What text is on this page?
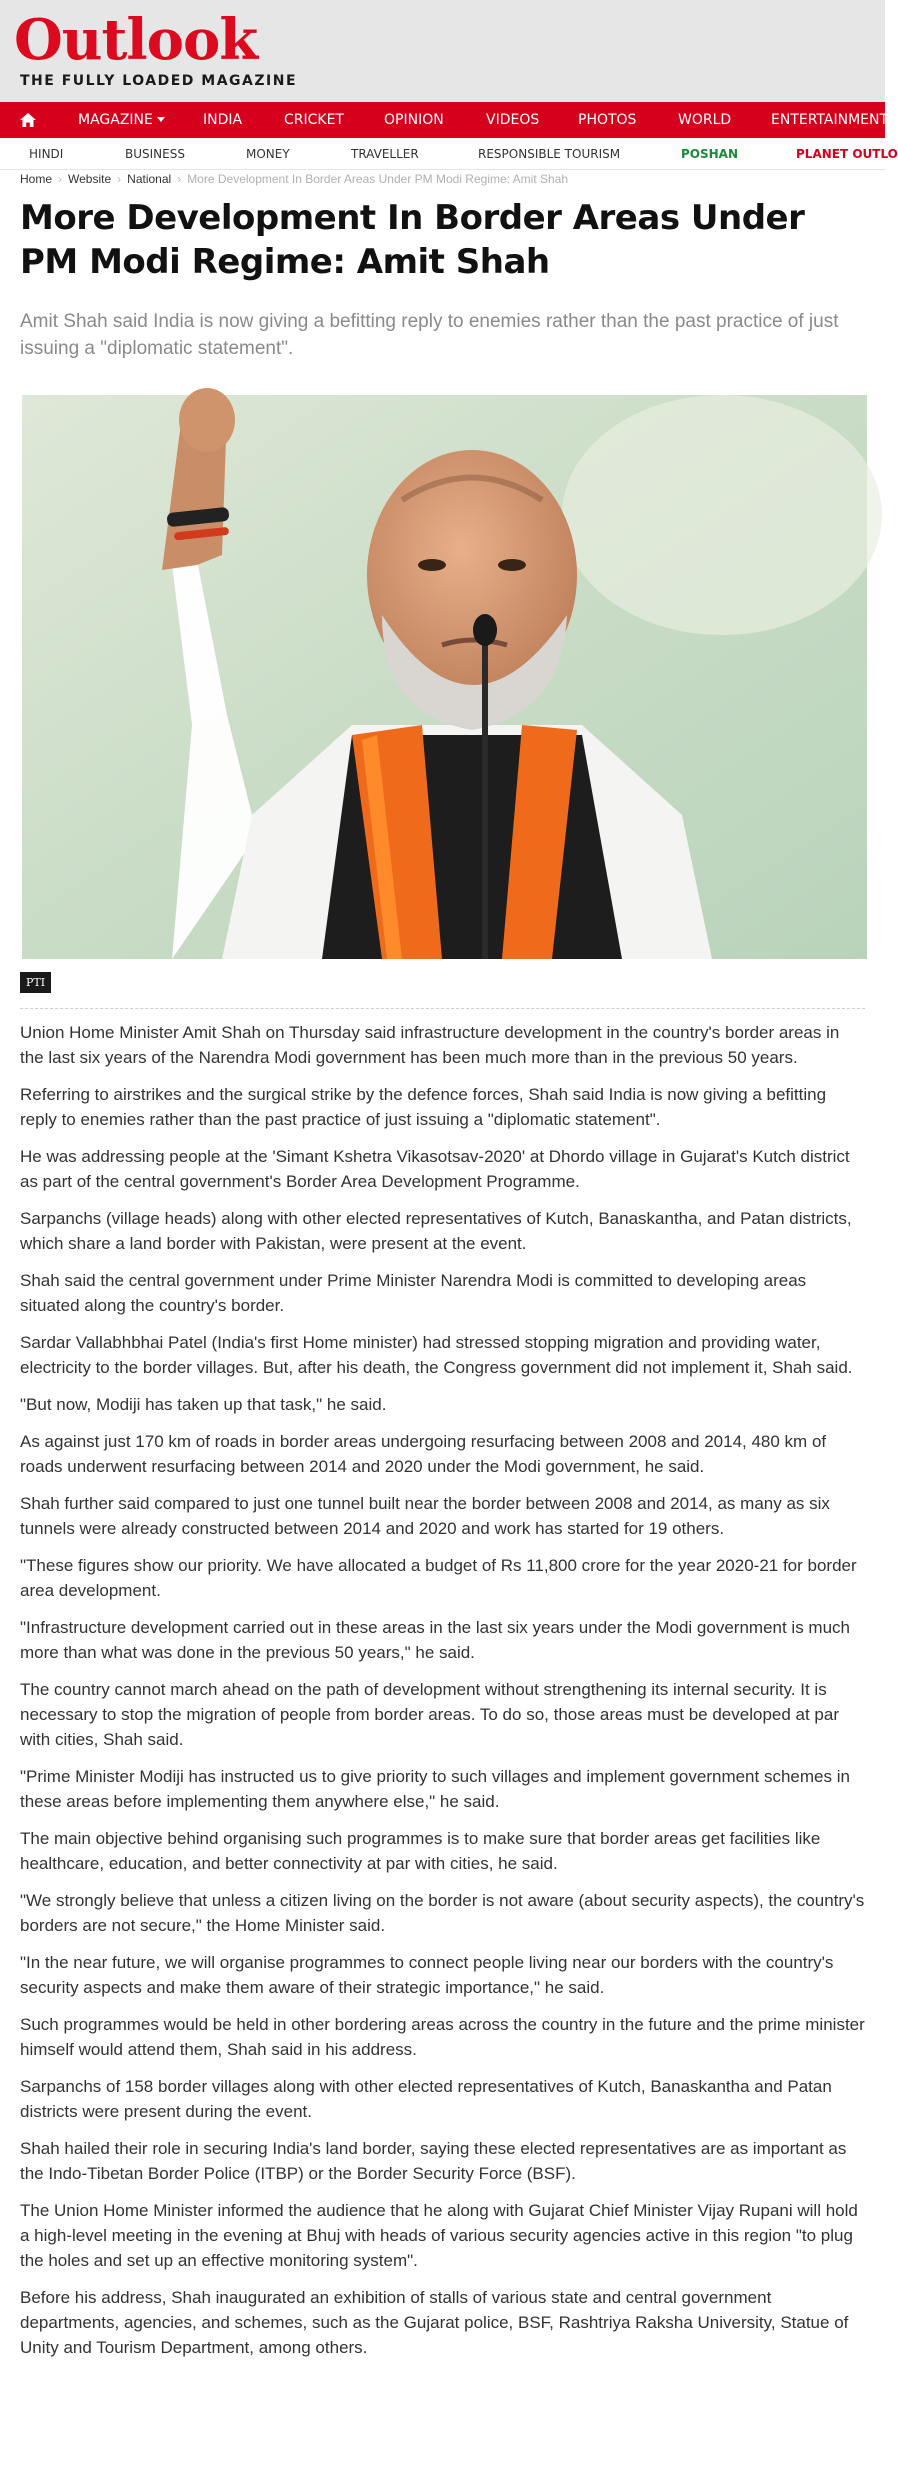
Outlook
THE FULLY LOADED MAGAZINE
MAGAZINE	INDIA	CRICKET	OPINION	VIDEOS	PHOTOS	WORLD	ENTERTAINMENT
HINDI	BUSINESS	MONEY	TRAVELLER	RESPONSIBLE TOURISM	POSHAN	PLANET OUTLO
Home › Website › National › More Development In Border Areas Under PM Modi Regime: Amit Shah
More Development In Border Areas Under PM Modi Regime: Amit Shah

Amit Shah said India is now giving a befitting reply to enemies rather than the past practice of just issuing a "diplomatic statement".

PTI

Union Home Minister Amit Shah on Thursday said infrastructure development in the country's border areas in the last six years of the Narendra Modi government has been much more than in the previous 50 years.

Referring to airstrikes and the surgical strike by the defence forces, Shah said India is now giving a befitting reply to enemies rather than the past practice of just issuing a "diplomatic statement".

He was addressing people at the 'Simant Kshetra Vikasotsav-2020' at Dhordo village in Gujarat's Kutch district as part of the central government's Border Area Development Programme.

Sarpanchs (village heads) along with other elected representatives of Kutch, Banaskantha, and Patan districts, which share a land border with Pakistan, were present at the event.

Shah said the central government under Prime Minister Narendra Modi is committed to developing areas situated along the country's border.

Sardar Vallabhbhai Patel (India's first Home minister) had stressed stopping migration and providing water, electricity to the border villages. But, after his death, the Congress government did not implement it, Shah said.

"But now, Modiji has taken up that task," he said.

As against just 170 km of roads in border areas undergoing resurfacing between 2008 and 2014, 480 km of roads underwent resurfacing between 2014 and 2020 under the Modi government, he said.

Shah further said compared to just one tunnel built near the border between 2008 and 2014, as many as six tunnels were already constructed between 2014 and 2020 and work has started for 19 others.

"These figures show our priority. We have allocated a budget of Rs 11,800 crore for the year 2020-21 for border area development.

"Infrastructure development carried out in these areas in the last six years under the Modi government is much more than what was done in the previous 50 years," he said.

The country cannot march ahead on the path of development without strengthening its internal security. It is necessary to stop the migration of people from border areas. To do so, those areas must be developed at par with cities, Shah said.

"Prime Minister Modiji has instructed us to give priority to such villages and implement government schemes in these areas before implementing them anywhere else," he said.

The main objective behind organising such programmes is to make sure that border areas get facilities like healthcare, education, and better connectivity at par with cities, he said.

"We strongly believe that unless a citizen living on the border is not aware (about security aspects), the country's borders are not secure," the Home Minister said.

"In the near future, we will organise programmes to connect people living near our borders with the country's security aspects and make them aware of their strategic importance," he said.

Such programmes would be held in other bordering areas across the country in the future and the prime minister himself would attend them, Shah said in his address.

Sarpanchs of 158 border villages along with other elected representatives of Kutch, Banaskantha and Patan districts were present during the event.

Shah hailed their role in securing India's land border, saying these elected representatives are as important as the Indo-Tibetan Border Police (ITBP) or the Border Security Force (BSF).

The Union Home Minister informed the audience that he along with Gujarat Chief Minister Vijay Rupani will hold a high-level meeting in the evening at Bhuj with heads of various security agencies active in this region "to plug the holes and set up an effective monitoring system".

Before his address, Shah inaugurated an exhibition of stalls of various state and central government departments, agencies, and schemes, such as the Gujarat police, BSF, Rashtriya Raksha University, Statue of Unity and Tourism Department, among others.
